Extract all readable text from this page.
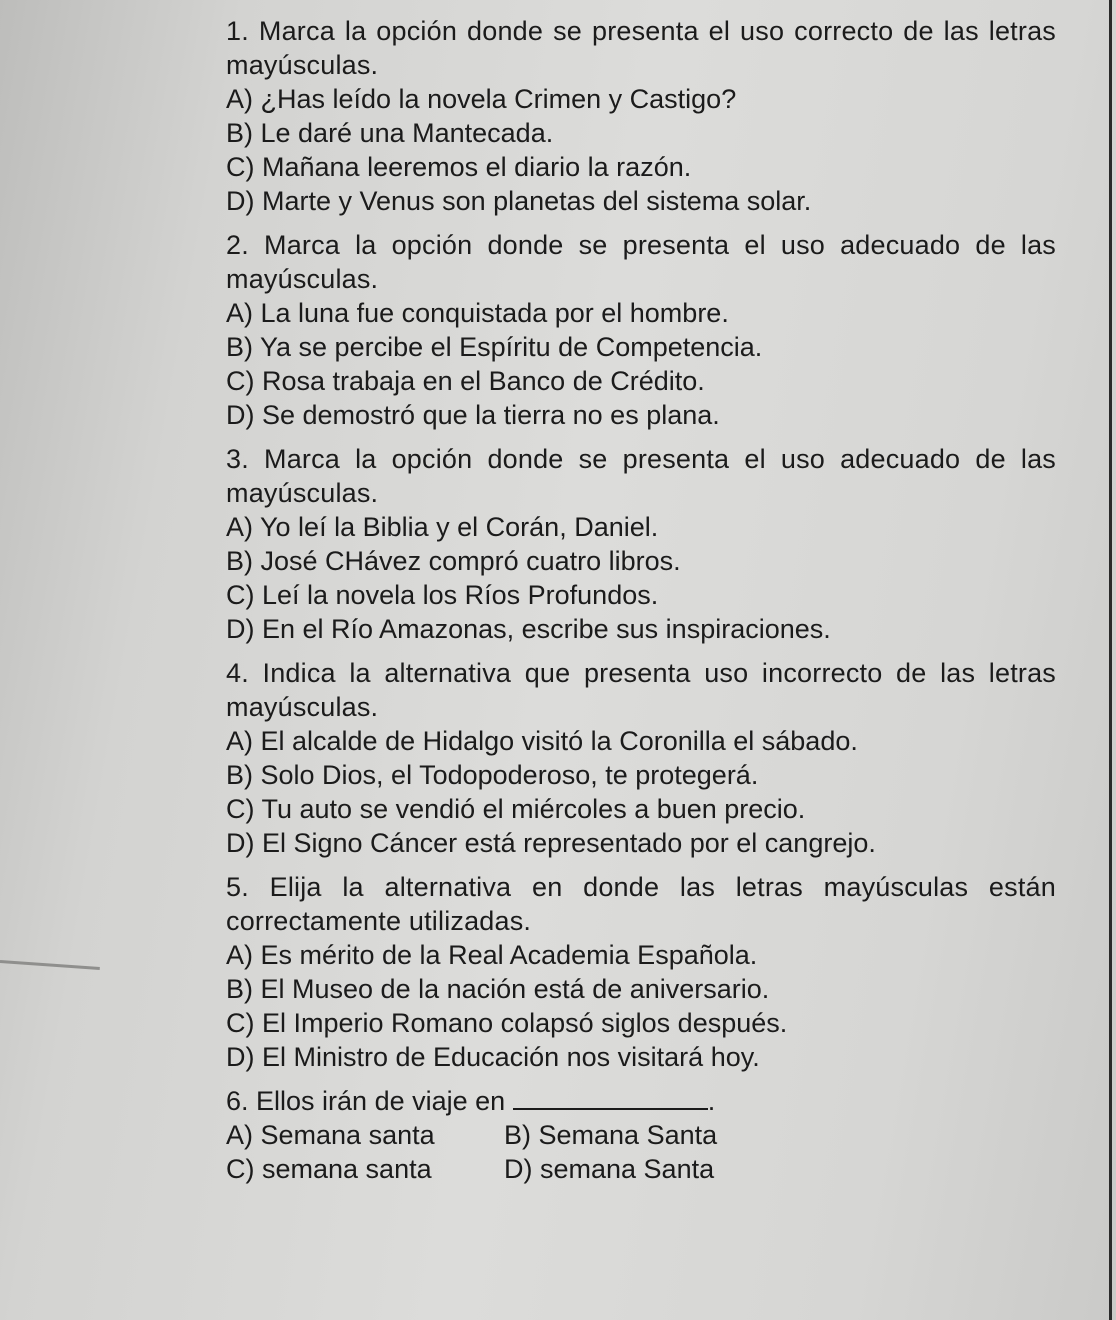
1. Marca la opción donde se presenta el uso correcto de las letras mayúsculas.
A) ¿Has leído la novela Crimen y Castigo?
B) Le daré una Mantecada.
C) Mañana leeremos el diario la razón.
D) Marte y Venus son planetas del sistema solar.
2. Marca la opción donde se presenta el uso adecuado de las mayúsculas.
A) La luna fue conquistada por el hombre.
B) Ya se percibe el Espíritu de Competencia.
C) Rosa trabaja en el Banco de Crédito.
D) Se demostró que la tierra no es plana.
3. Marca la opción donde se presenta el uso adecuado de las mayúsculas.
A) Yo leí la Biblia y el Corán, Daniel.
B) José CHávez compró cuatro libros.
C) Leí la novela los Ríos Profundos.
D) En el Río Amazonas, escribe sus inspiraciones.
4. Indica la alternativa que presenta uso incorrecto de las letras mayúsculas.
A) El alcalde de Hidalgo visitó la Coronilla el sábado.
B) Solo Dios, el Todopoderoso, te protegerá.
C) Tu auto se vendió el miércoles a buen precio.
D) El Signo Cáncer está representado por el cangrejo.
5. Elija la alternativa en donde las letras mayúsculas están correctamente utilizadas.
A) Es mérito de la Real Academia Española.
B) El Museo de la nación está de aniversario.
C) El Imperio Romano colapsó siglos después.
D) El Ministro de Educación nos visitará hoy.
6. Ellos irán de viaje en	.
A) Semana santa	B) Semana Santa
C) semana santa	D) semana Santa
